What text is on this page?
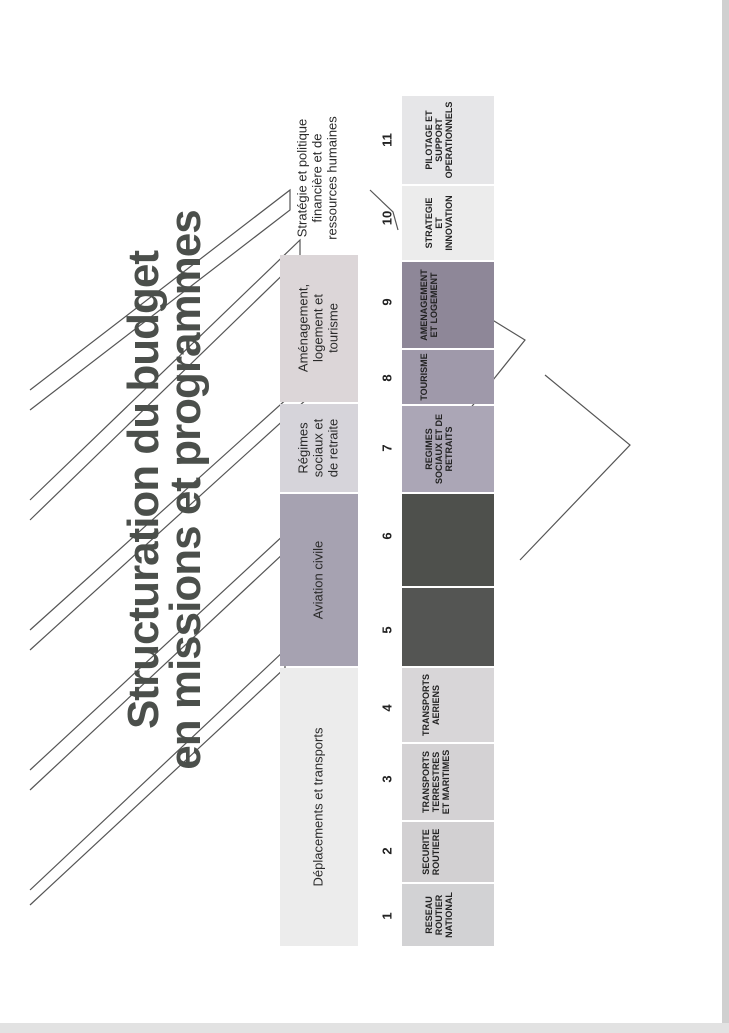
Structuration du budget
en missions et programmes
Déplacements et transports
Aviation civile
Régimes
sociaux et
de retraite
Aménagement,
logement et
tourisme
Stratégie et politique
financière et de
ressources humaines
1
2
3
4
5
6
7
8
9
10
11
RESEAU
ROUTIER
NATIONAL
SECURITE
ROUTIERE
TRANSPORTS
TERRESTRES
ET MARITIMES
TRANSPORTS
AERIENS
REGIMES
SOCIAUX ET DE
RETRAITS
TOURISME
AMENAGEMENT
ET LOGEMENT
STRATEGIE
ET
INNOVATION
PILOTAGE ET
SUPPORT
OPERATIONNELS
